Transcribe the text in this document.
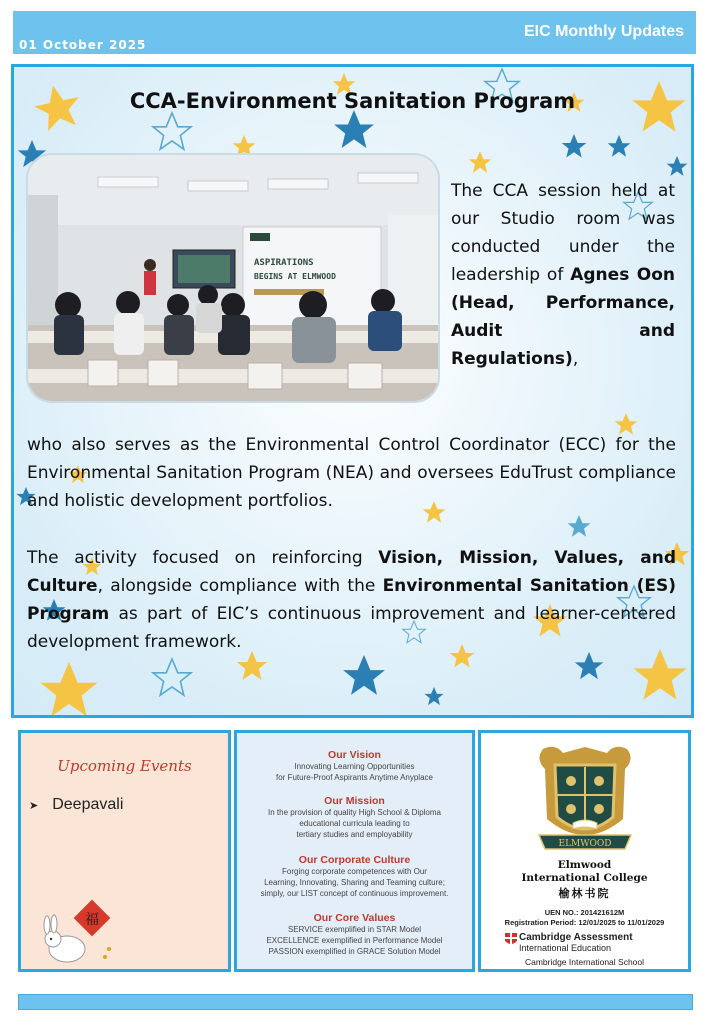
01 October 2025
EIC Monthly Updates
CCA-Environment Sanitation Program
ASPIRATIONS
BEGINS AT ELMWOOD
The CCA session held at our Studio room was conducted under the leadership of Agnes Oon (Head, Performance, Audit and Regulations),
who also serves as the Environmental Control Coordinator (ECC) for the Environmental Sanitation Program (NEA) and oversees EduTrust compliance and holistic development portfolios.
The activity focused on reinforcing Vision, Mission, Values, and Culture, alongside compliance with the Environmental Sanitation (ES) Program as part of EIC’s continuous improvement and learner-centered development framework.
Upcoming Events
➤ Deepavali
福
Our Vision

Innovating Learning Opportunities

for Future-Proof Aspirants Anytime Anyplace

Our Mission

In the provision of quality High School & Diploma

educational curricula leading to

tertiary studies and employability

Our Corporate Culture

Forging corporate competences with Our

Learning, Innovating, Sharing and Teaming culture;

simply, our LIST concept of continuous improvement.

Our Core Values

SERVICE exemplified in STAR Model

EXCELLENCE exemplified in Performance Model

PASSION exemplified in GRACE Solution Model

ELMWOOD
Elmwood
International College
榆林书院
UEN NO.: 201421612M
Registration Period: 12/01/2025 to 11/01/2029
Cambridge Assessment
International Education
Cambridge International School
